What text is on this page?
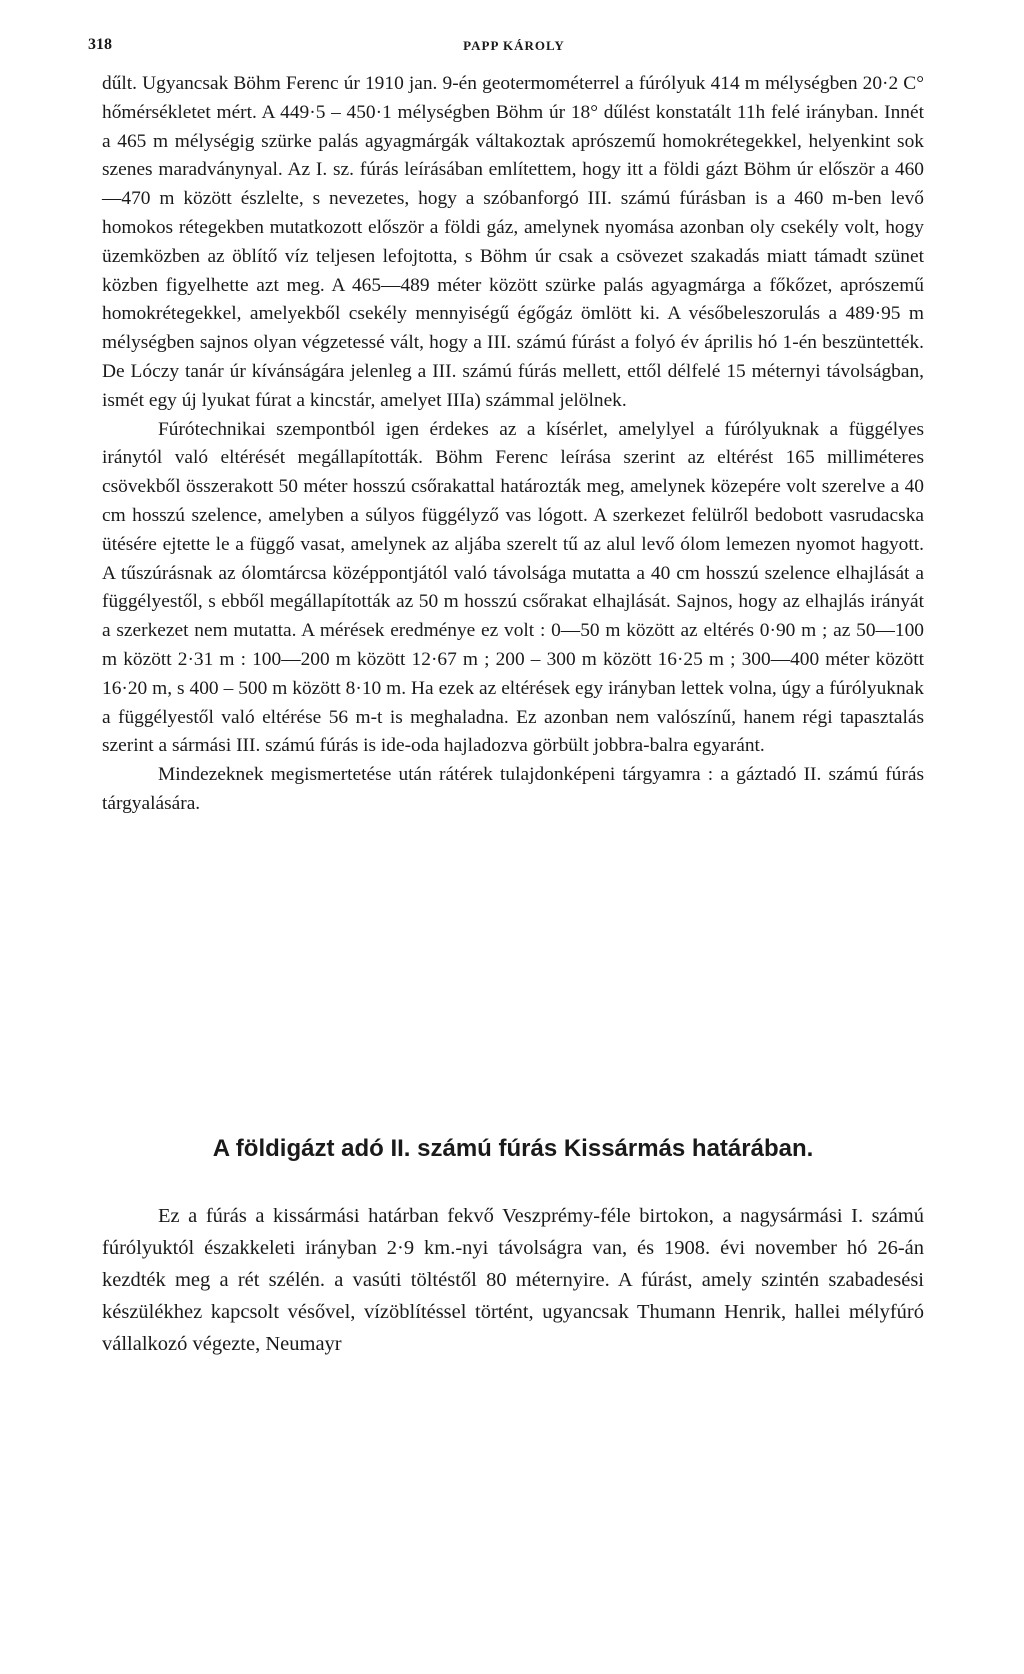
318	PAPP KÁROLY

dűlt. Ugyancsak Böhm Ferenc úr 1910 jan. 9-én geotermométerrel a fúrólyuk 414 m mélységben 20·2 C° hőmérsékletet mért. A 449·5 – 450·1 mélységben Böhm úr 18° dűlést konstatált 11h felé irányban. Innét a 465 m mélységig szürke palás agyagmárgák váltakoztak aprószemű homokrétegekkel, helyenkint sok szenes maradványnyal. Az I. sz. fúrás leírásában említettem, hogy itt a földi gázt Böhm úr először a 460—470 m között észlelte, s nevezetes, hogy a szóbanforgó III. számú fúrásban is a 460 m-ben levő homokos rétegekben mutatkozott először a földi gáz, amelynek nyomása azonban oly csekély volt, hogy üzemközben az öblítő víz teljesen lefojtotta, s Böhm úr csak a csövezet szakadás miatt támadt szünet közben figyelhette azt meg. A 465—489 méter között szürke palás agyagmárga a főkőzet, aprószemű homokrétegekkel, amelyekből csekély mennyiségű égőgáz ömlött ki. A vésőbeleszorulás a 489·95 m mélységben sajnos olyan végzetessé vált, hogy a III. számú fúrást a folyó év április hó 1-én beszüntették. De Lóczy tanár úr kívánságára jelenleg a III. számú fúrás mellett, ettől délfelé 15 méternyi távolságban, ismét egy új lyukat fúrat a kincstár, amelyet IIIa) számmal jelölnek.

Fúrótechnikai szempontból igen érdekes az a kísérlet, amelylyel a fúrólyuknak a függélyes iránytól való eltérését megállapították. Böhm Ferenc leírása szerint az eltérést 165 milliméteres csövekből összerakott 50 méter hosszú csőrakattal határozták meg, amelynek közepére volt szerelve a 40 cm hosszú szelence, amelyben a súlyos függélyző vas lógott. A szerkezet felülről bedobott vasrudacska ütésére ejtette le a függő vasat, amelynek az aljába szerelt tű az alul levő ólom lemezen nyomot hagyott. A tűszúrásnak az ólomtárcsa középpontjától való távolsága mutatta a 40 cm hosszú szelence elhajlását a függélyestől, s ebből megállapították az 50 m hosszú csőrakat elhajlását. Sajnos, hogy az elhajlás irányát a szerkezet nem mutatta. A mérések eredménye ez volt : 0—50 m között az eltérés 0·90 m ; az 50—100 m között 2·31 m : 100—200 m között 12·67 m ; 200 – 300 m között 16·25 m ; 300—400 méter között 16·20 m, s 400 – 500 m között 8·10 m. Ha ezek az eltérések egy irányban lettek volna, úgy a fúrólyuknak a függélyestől való eltérése 56 m-t is meghaladna. Ez azonban nem valószínű, hanem régi tapasztalás szerint a sármási III. számú fúrás is ide-oda hajladozva görbült jobbra-balra egyaránt.

Mindezeknek megismertetése után rátérek tulajdonképeni tárgyamra : a gáztadó II. számú fúrás tárgyalására.

A földigázt adó II. számú fúrás Kissármás határában.

Ez a fúrás a kissármási határban fekvő Veszprémy-féle birtokon, a nagysármási I. számú fúrólyuktól északkeleti irányban 2·9 km.-nyi távolságra van, és 1908. évi november hó 26-án kezdték meg a rét szélén. a vasúti töltéstől 80 méternyire. A fúrást, amely szintén szabadesési készülékhez kapcsolt vésővel, vízöblítéssel történt, ugyancsak Thumann Henrik, hallei mélyfúró vállalkozó végezte, Neumayr
